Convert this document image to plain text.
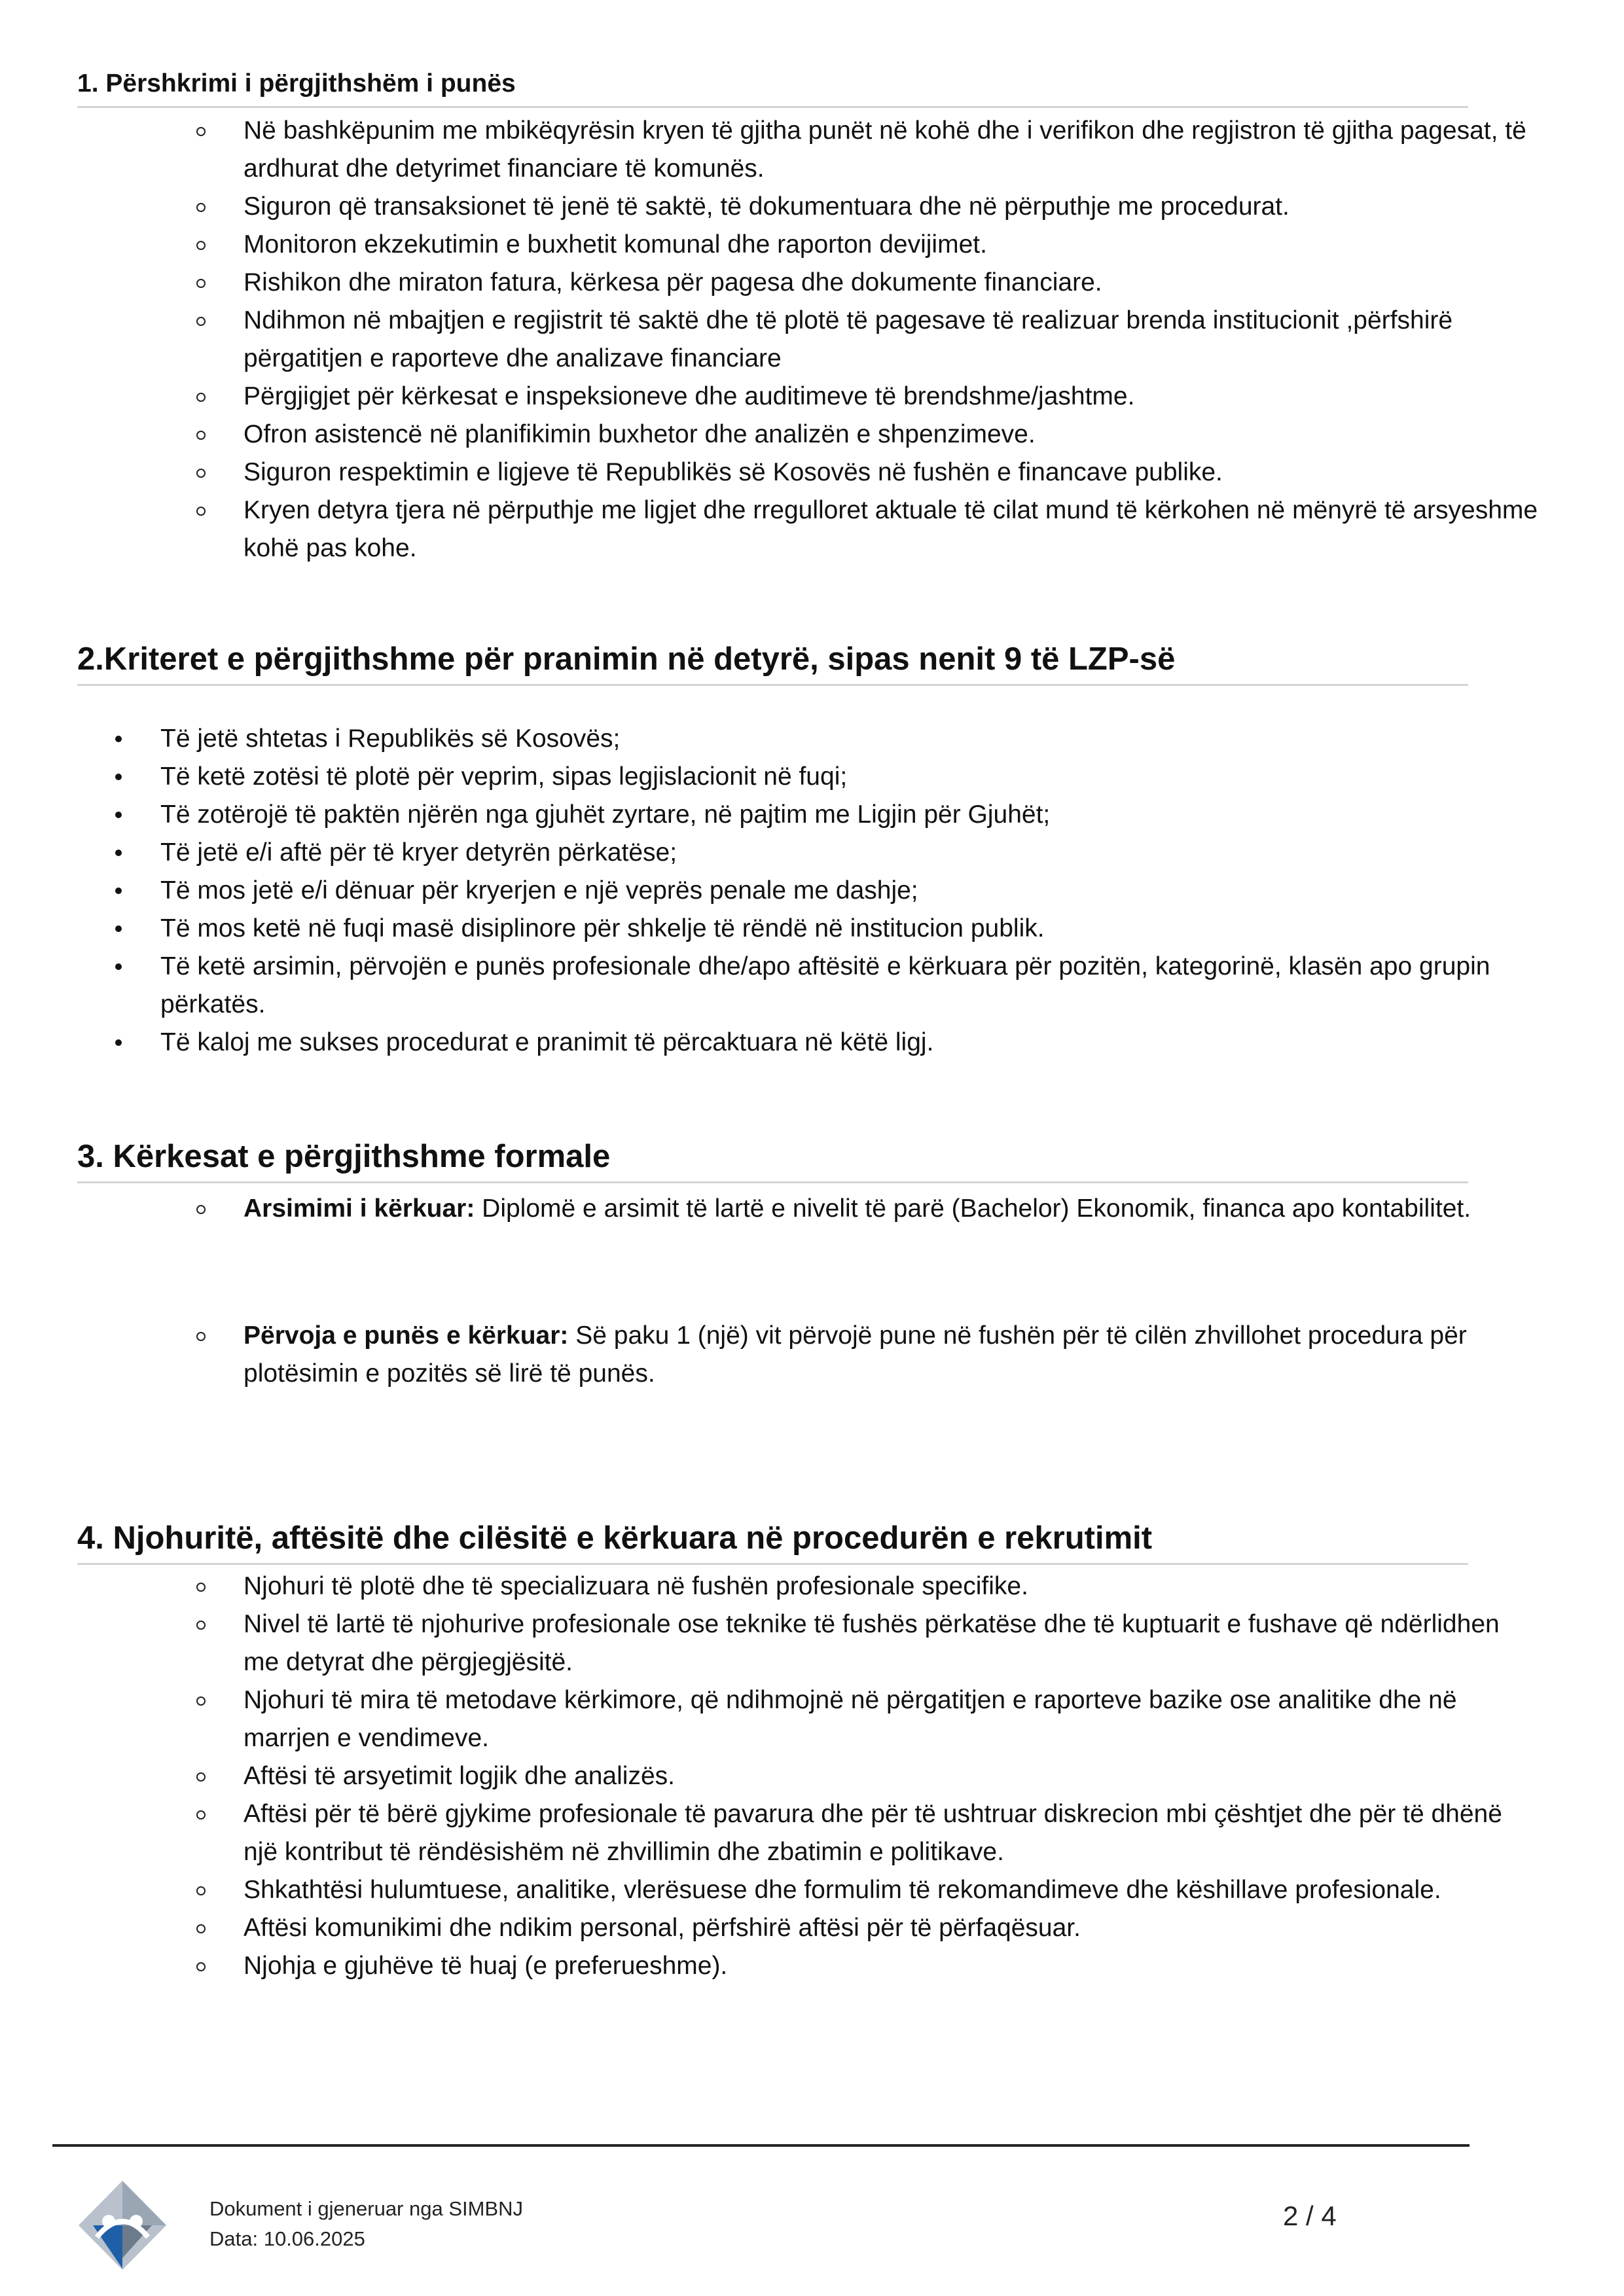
1. Përshkrimi i përgjithshëm i punës
Në bashkëpunim me mbikëqyrësin kryen të gjitha punët në kohë dhe i verifikon dhe regjistron të gjitha pagesat, të ardhurat dhe detyrimet financiare të komunës.
Siguron që transaksionet të jenë të saktë, të dokumentuara dhe në përputhje me procedurat.
Monitoron ekzekutimin e buxhetit komunal dhe raporton devijimet.
Rishikon dhe miraton fatura, kërkesa për pagesa dhe dokumente financiare.
Ndihmon në mbajtjen e regjistrit të saktë dhe të plotë të pagesave të realizuar brenda institucionit ,përfshirë përgatitjen e raporteve dhe analizave financiare
Përgjigjet për kërkesat e inspeksioneve dhe auditimeve të brendshme/jashtme.
Ofron asistencë në planifikimin buxhetor dhe analizën e shpenzimeve.
Siguron respektimin e ligjeve të Republikës së Kosovës në fushën e financave publike.
Kryen detyra tjera në përputhje me ligjet dhe rregulloret aktuale të cilat mund të kërkohen në mënyrë të arsyeshme kohë pas kohe.
2.Kriteret e përgjithshme për pranimin në detyrë, sipas nenit 9 të LZP-së
Të jetë shtetas i Republikës së Kosovës;
Të ketë zotësi të plotë për veprim, sipas legjislacionit në fuqi;
Të zotërojë të paktën njërën nga gjuhët zyrtare, në pajtim me Ligjin për Gjuhët;
Të jetë e/i aftë për të kryer detyrën përkatëse;
Të mos jetë e/i dënuar për kryerjen e një veprës penale me dashje;
Të mos ketë në fuqi masë disiplinore për shkelje të rëndë në institucion publik.
Të ketë arsimin, përvojën e punës profesionale dhe/apo aftësitë e kërkuara për pozitën, kategorinë, klasën apo grupin përkatës.
Të kaloj me sukses procedurat e pranimit të përcaktuara në këtë ligj.
3. Kërkesat e përgjithshme formale
Arsimimi i kërkuar: Diplomë e arsimit të lartë e nivelit të parë (Bachelor) Ekonomik, financa apo kontabilitet.
Përvoja e punës e kërkuar: Së paku 1 (një) vit përvojë pune në fushën për të cilën zhvillohet procedura për plotësimin e pozitës së lirë të punës.
4. Njohuritë, aftësitë dhe cilësitë e kërkuara në procedurën e rekrutimit
Njohuri të plotë dhe të specializuara në fushën profesionale specifike.
Nivel të lartë të njohurive profesionale ose teknike të fushës përkatëse dhe të kuptuarit e fushave që ndërlidhen me detyrat dhe përgjegjësitë.
Njohuri të mira të metodave kërkimore, që ndihmojnë në përgatitjen e raporteve bazike ose analitike dhe në marrjen e vendimeve.
Aftësi të arsyetimit logjik dhe analizës.
Aftësi për të bërë gjykime profesionale të pavarura dhe për të ushtruar diskrecion mbi çështjet dhe për të dhënë një kontribut të rëndësishëm në zhvillimin dhe zbatimin e politikave.
Shkathtësi hulumtuese, analitike, vlerësuese dhe formulim të rekomandimeve dhe këshillave profesionale.
Aftësi komunikimi dhe ndikim personal, përfshirë aftësi për të përfaqësuar.
Njohja e gjuhëve të huaj (e preferueshme).
Dokument i gjeneruar nga SIMBNJ
Data: 10.06.2025
2 / 4
